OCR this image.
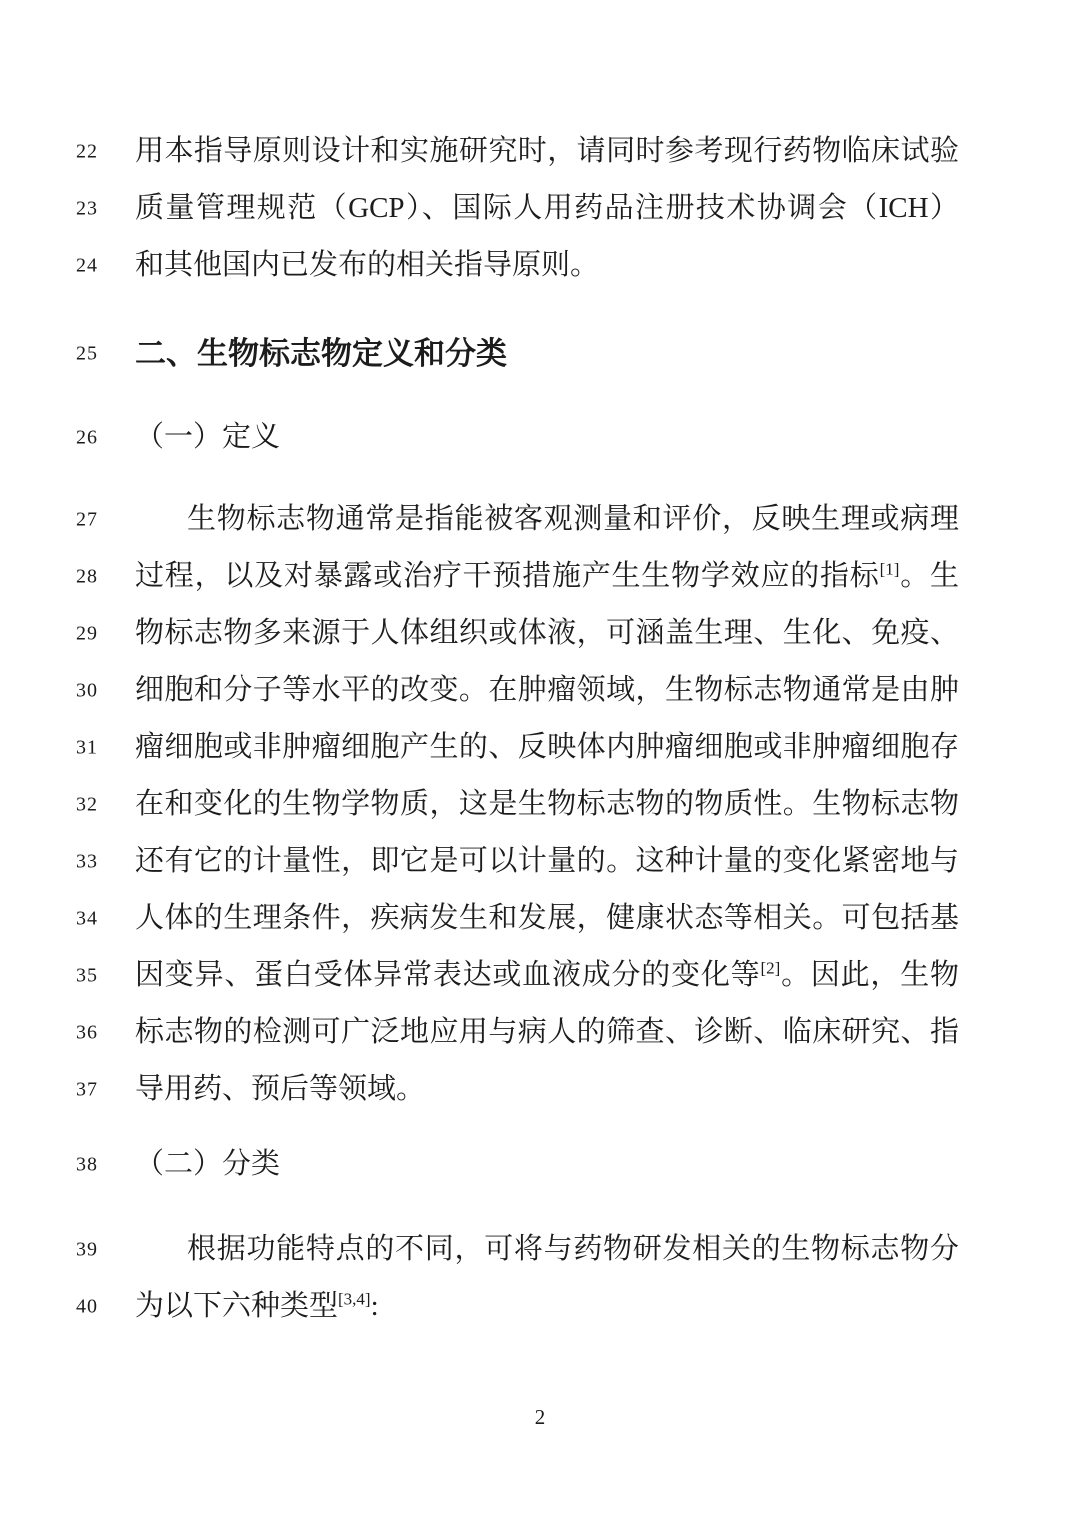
22 用本指导原则设计和实施研究时，请同时参考现行药物临床试验
23 质量管理规范（GCP）、国际人用药品注册技术协调会（ICH）
24 和其他国内已发布的相关指导原则。
25 二、生物标志物定义和分类
26 （一）定义
27	生物标志物通常是指能被客观测量和评价，反映生理或病理
28 过程，以及对暴露或治疗干预措施产生生物学效应的指标[1]。生
29 物标志物多来源于人体组织或体液，可涵盖生理、生化、免疫、
30 细胞和分子等水平的改变。在肿瘤领域，生物标志物通常是由肿
31 瘤细胞或非肿瘤细胞产生的、反映体内肿瘤细胞或非肿瘤细胞存
32 在和变化的生物学物质，这是生物标志物的物质性。生物标志物
33 还有它的计量性，即它是可以计量的。这种计量的变化紧密地与
34 人体的生理条件，疾病发生和发展，健康状态等相关。可包括基
35 因变异、蛋白受体异常表达或血液成分的变化等[2]。因此，生物
36 标志物的检测可广泛地应用与病人的筛查、诊断、临床研究、指
37 导用药、预后等领域。
38 （二）分类
39	根据功能特点的不同，可将与药物研发相关的生物标志物分
40 为以下六种类型[3,4]:
2
